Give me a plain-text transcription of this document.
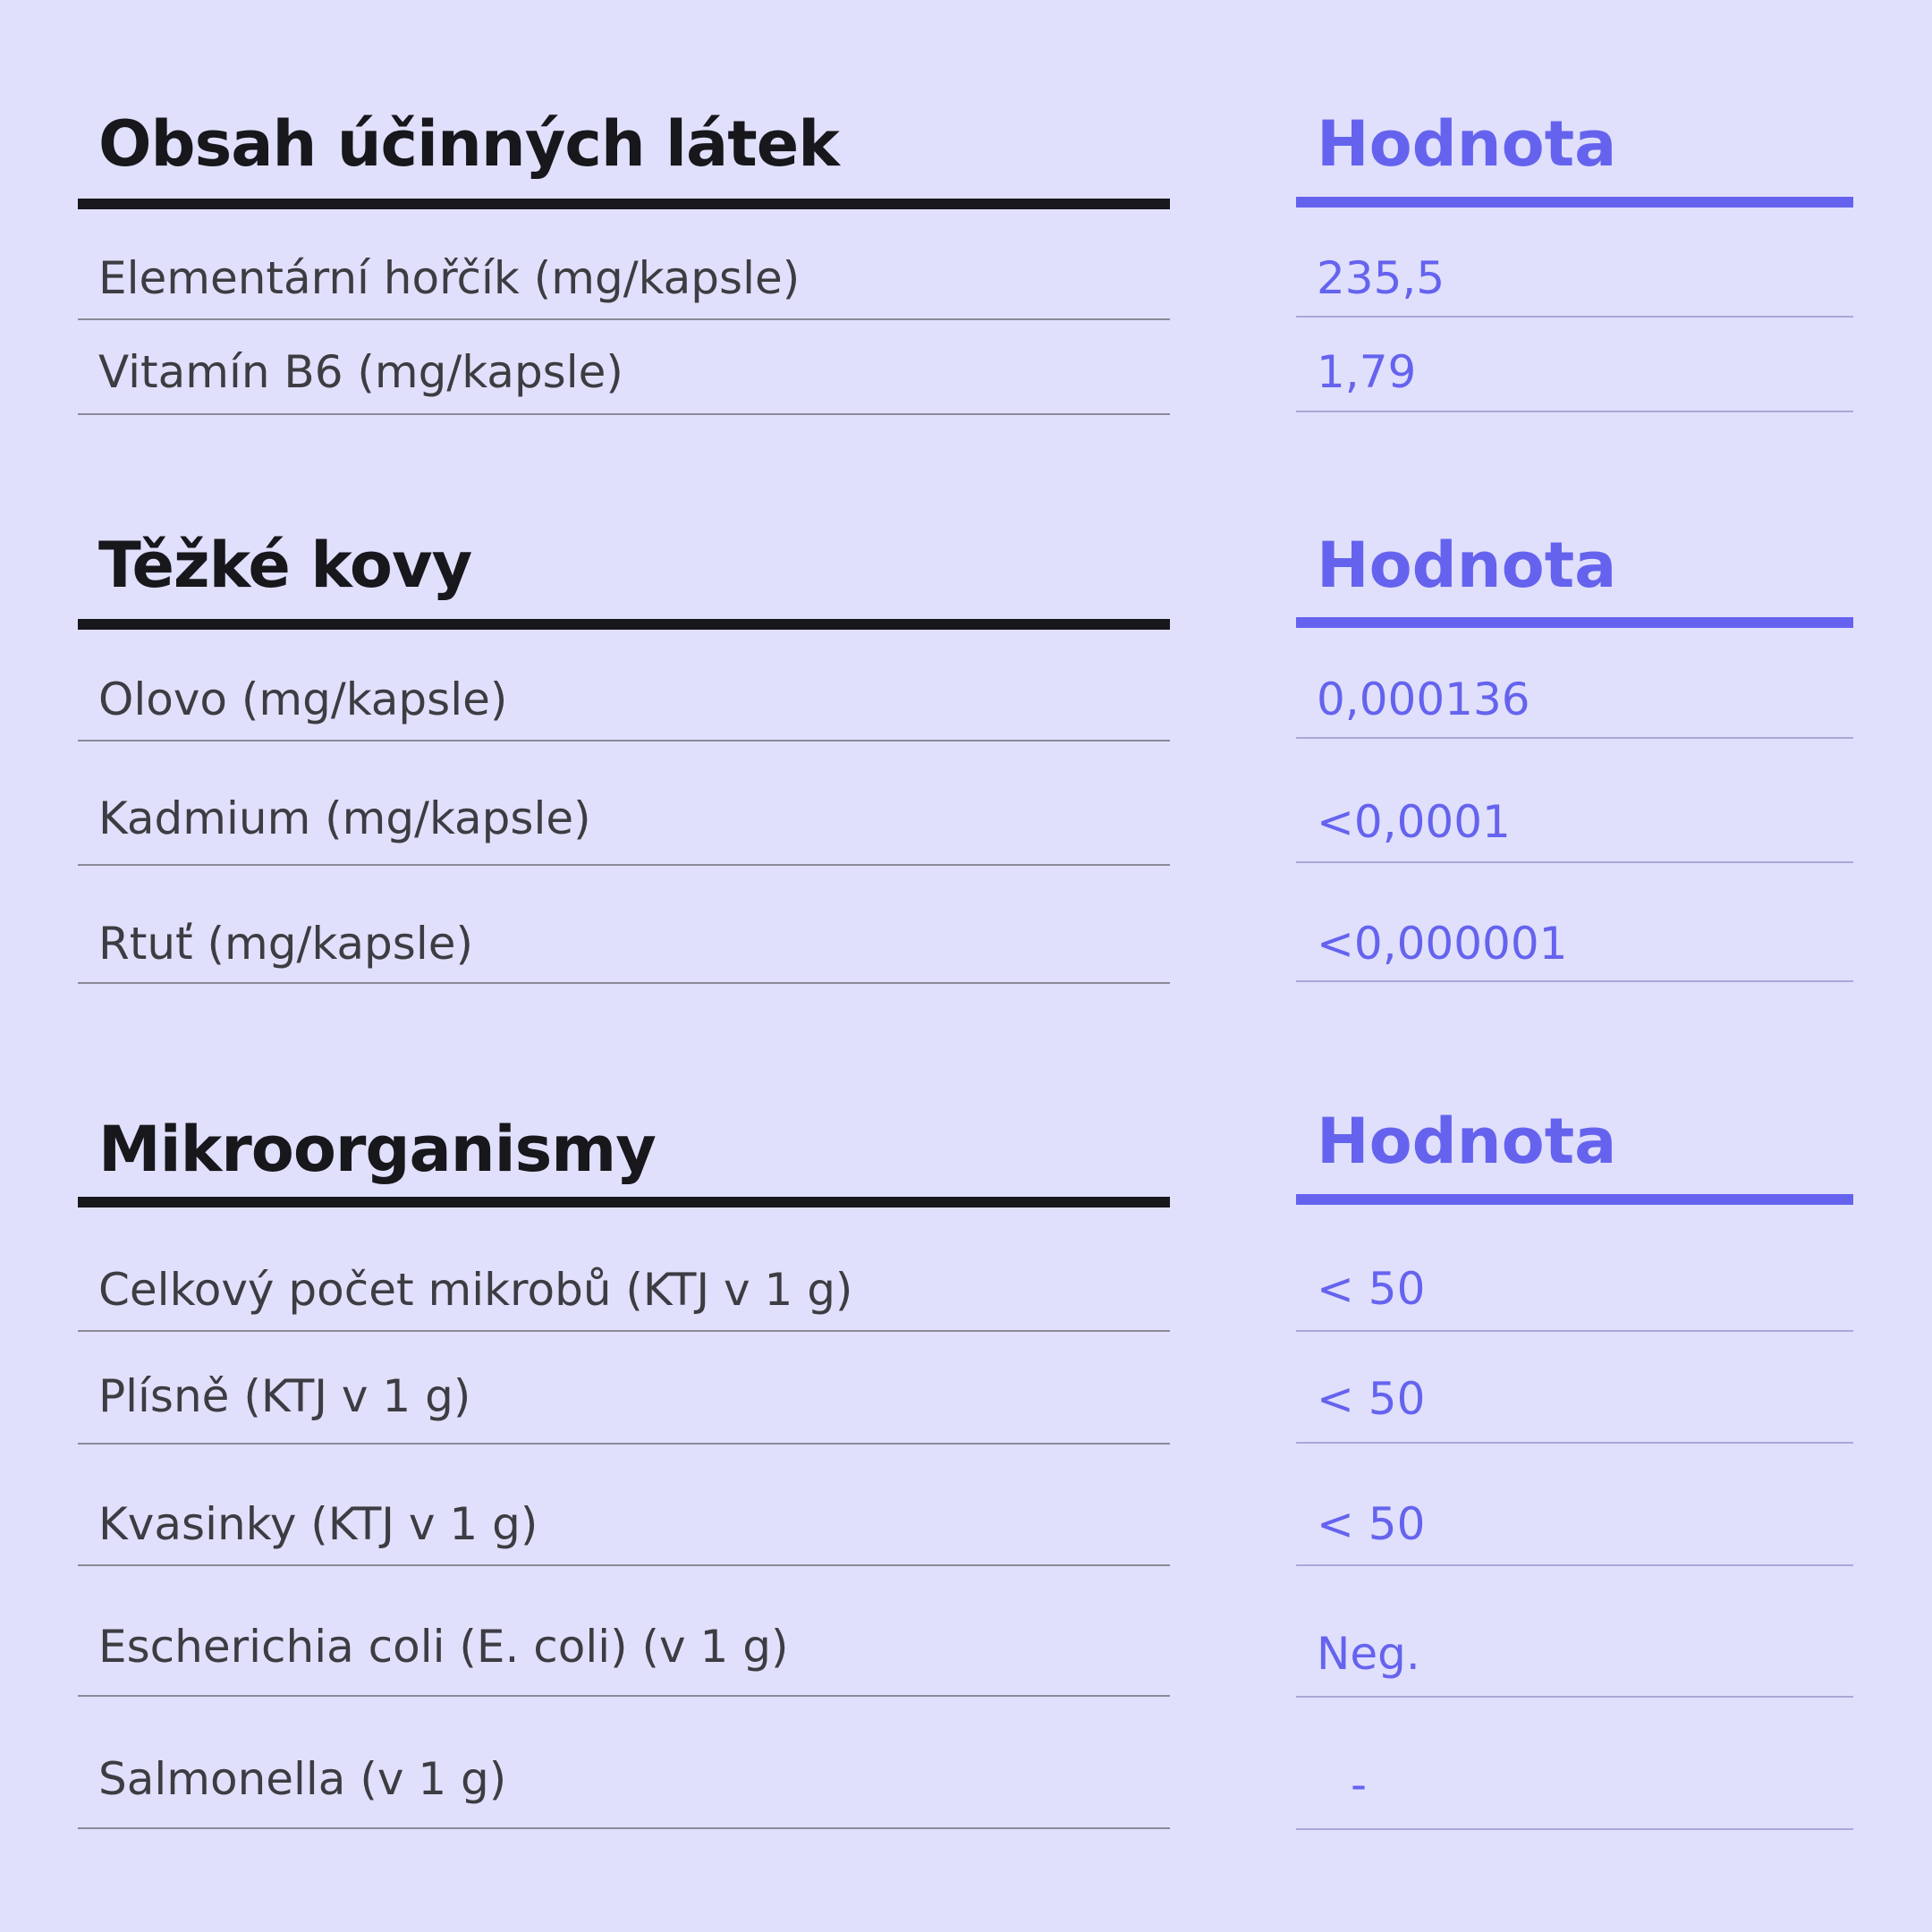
Obsah účinných látek	Hodnota
Elementární hořčík (mg/kapsle)	235,5
Vitamín B6 (mg/kapsle)	1,79
Těžké kovy	Hodnota
Olovo (mg/kapsle)	0,000136
Kadmium (mg/kapsle)	<0,0001
Rtuť (mg/kapsle)	<0,000001
Mikroorganismy	Hodnota
Celkový počet mikrobů (KTJ v 1 g)	< 50
Plísně (KTJ v 1 g)	< 50
Kvasinky (KTJ v 1 g)	< 50
Escherichia coli (E. coli) (v 1 g)	Neg.
Salmonella (v 1 g)	-
